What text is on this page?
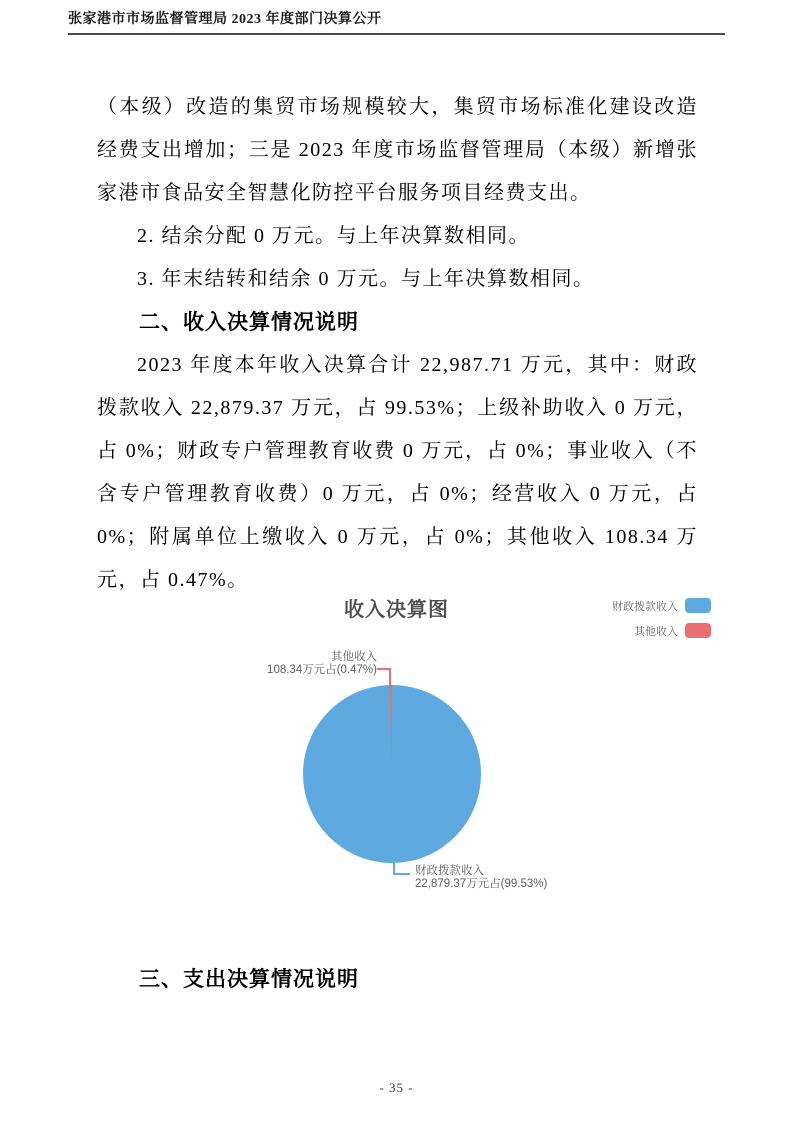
张家港市市场监督管理局 2023 年度部门决算公开

（本级）改造的集贸市场规模较大，集贸市场标准化建设改造经费支出增加；三是 2023 年度市场监督管理局（本级）新增张家港市食品安全智慧化防控平台服务项目经费支出。

2. 结余分配 0 万元。与上年决算数相同。

3. 年末结转和结余 0 万元。与上年决算数相同。

二、收入决算情况说明

2023 年度本年收入决算合计 22,987.71 万元，其中：财政拨款收入 22,879.37 万元，占 99.53%；上级补助收入 0 万元，占 0%；财政专户管理教育收费 0 万元，占 0%；事业收入（不含专户管理教育收费）0 万元，占 0%；经营收入 0 万元，占 0%；附属单位上缴收入 0 万元，占 0%；其他收入 108.34 万元，占 0.47%。

收入决算图	财政拨款收入
其他收入
其他收入
108.34万元占(0.47%)
财政拨款收入
22,879.37万元占(99.53%)

三、支出决算情况说明

- 35 -
